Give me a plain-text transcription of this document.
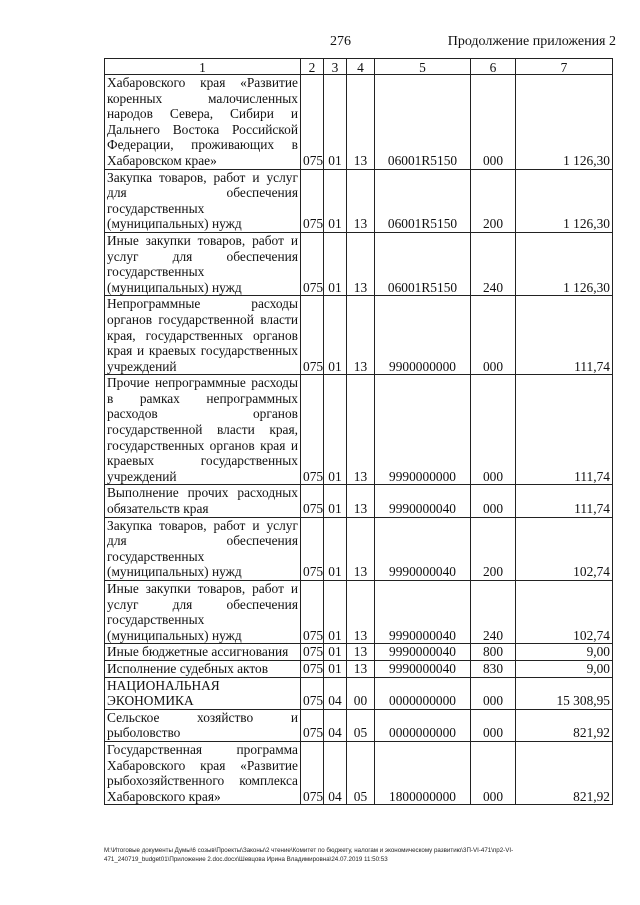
276	Продолжение приложения 2
1	2	3	4	5	6	7
Хабаровского края «Развитие коренных малочисленных народов Севера, Сибири и Дальнего Востока Российской Федерации, проживающих в Хабаровском крае»	075	01	13	06001R5150	000	1 126,30
Закупка товаров, работ и услуг для обеспечения государственных (муниципальных) нужд	075	01	13	06001R5150	200	1 126,30
Иные закупки товаров, работ и услуг для обеспечения государственных (муниципальных) нужд	075	01	13	06001R5150	240	1 126,30
Непрограммные расходы органов государственной власти края, государственных органов края и краевых государственных учреждений	075	01	13	9900000000	000	111,74
Прочие непрограммные расходы в рамках непрограммных расходов органов государственной власти края, государственных органов края и краевых государственных учреждений	075	01	13	9990000000	000	111,74
Выполнение прочих расходных обязательств края	075	01	13	9990000040	000	111,74
Закупка товаров, работ и услуг для обеспечения государственных (муниципальных) нужд	075	01	13	9990000040	200	102,74
Иные закупки товаров, работ и услуг для обеспечения государственных (муниципальных) нужд	075	01	13	9990000040	240	102,74
Иные бюджетные ассигнования	075	01	13	9990000040	800	9,00
Исполнение судебных актов	075	01	13	9990000040	830	9,00
НАЦИОНАЛЬНАЯ ЭКОНОМИКА	075	04	00	0000000000	000	15 308,95
Сельское хозяйство и рыболовство	075	04	05	0000000000	000	821,92
Государственная программа Хабаровского края «Развитие рыбохозяйственного комплекса Хабаровского края»	075	04	05	1800000000	000	821,92
M:\Итоговые документы Думы\6 созыв\Проекты\Законы\2 чтение\Комитет по бюджету, налогам и экономическому развитию\3П-VI-471\пр2-VI-471_240719_budget01\Приложение 2.doc.docx\Шевцова Ирина Владимировна\24.07.2019 11:50:53
